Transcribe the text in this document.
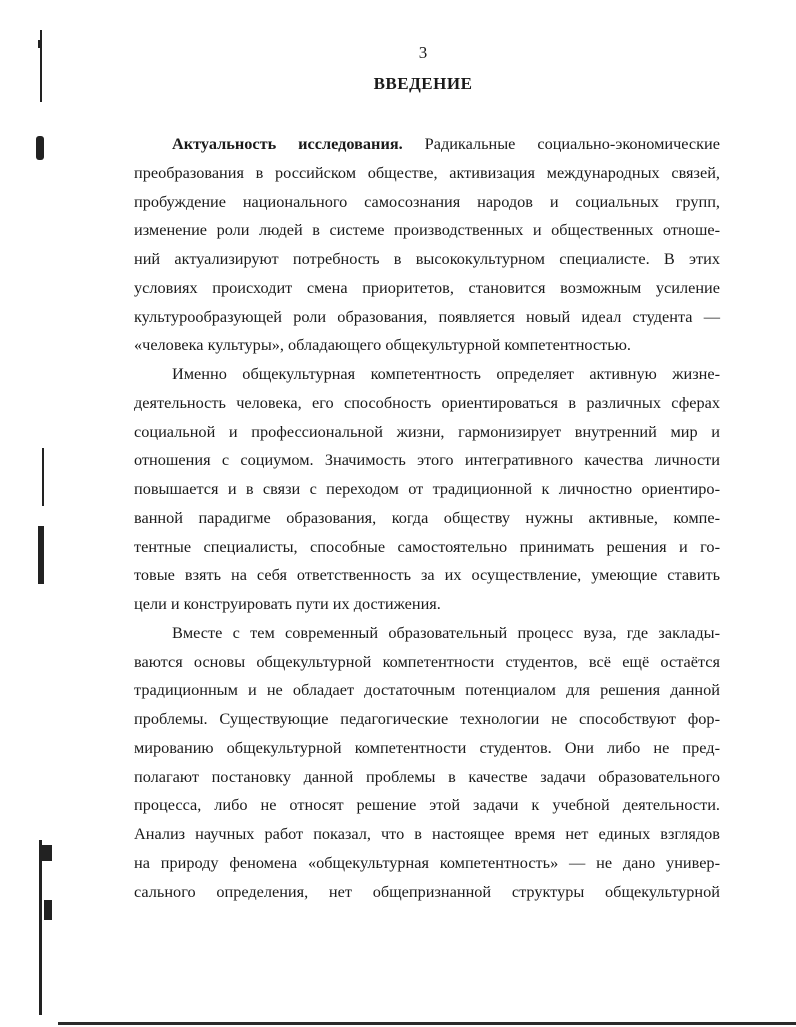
3
ВВЕДЕНИЕ
Актуальность исследования. Радикальные социально-экономические
преобразования в российском обществе, активизация международных связей,
пробуждение национального самосознания народов и социальных групп,
изменение роли людей в системе производственных и общественных отноше-
ний актуализируют потребность в высококультурном специалисте. В этих
условиях происходит смена приоритетов, становится возможным усиление
культурообразующей роли образования, появляется новый идеал студента —
«человека культуры», обладающего общекультурной компетентностью.
Именно общекультурная компетентность определяет активную жизне-
деятельность человека, его способность ориентироваться в различных сферах
социальной и профессиональной жизни, гармонизирует внутренний мир и
отношения с социумом. Значимость этого интегративного качества личности
повышается и в связи с переходом от традиционной к личностно ориентиро-
ванной парадигме образования, когда обществу нужны активные, компе-
тентные специалисты, способные самостоятельно принимать решения и го-
товые взять на себя ответственность за их осуществление, умеющие ставить
цели и конструировать пути их достижения.
Вместе с тем современный образовательный процесс вуза, где заклады-
ваются основы общекультурной компетентности студентов, всё ещё остаётся
традиционным и не обладает достаточным потенциалом для решения данной
проблемы. Существующие педагогические технологии не способствуют фор-
мированию общекультурной компетентности студентов. Они либо не пред-
полагают постановку данной проблемы в качестве задачи образовательного
процесса, либо не относят решение этой задачи к учебной деятельности.
Анализ научных работ показал, что в настоящее время нет единых взглядов
на природу феномена «общекультурная компетентность» — не дано универ-
сального определения, нет общепризнанной структуры общекультурной
